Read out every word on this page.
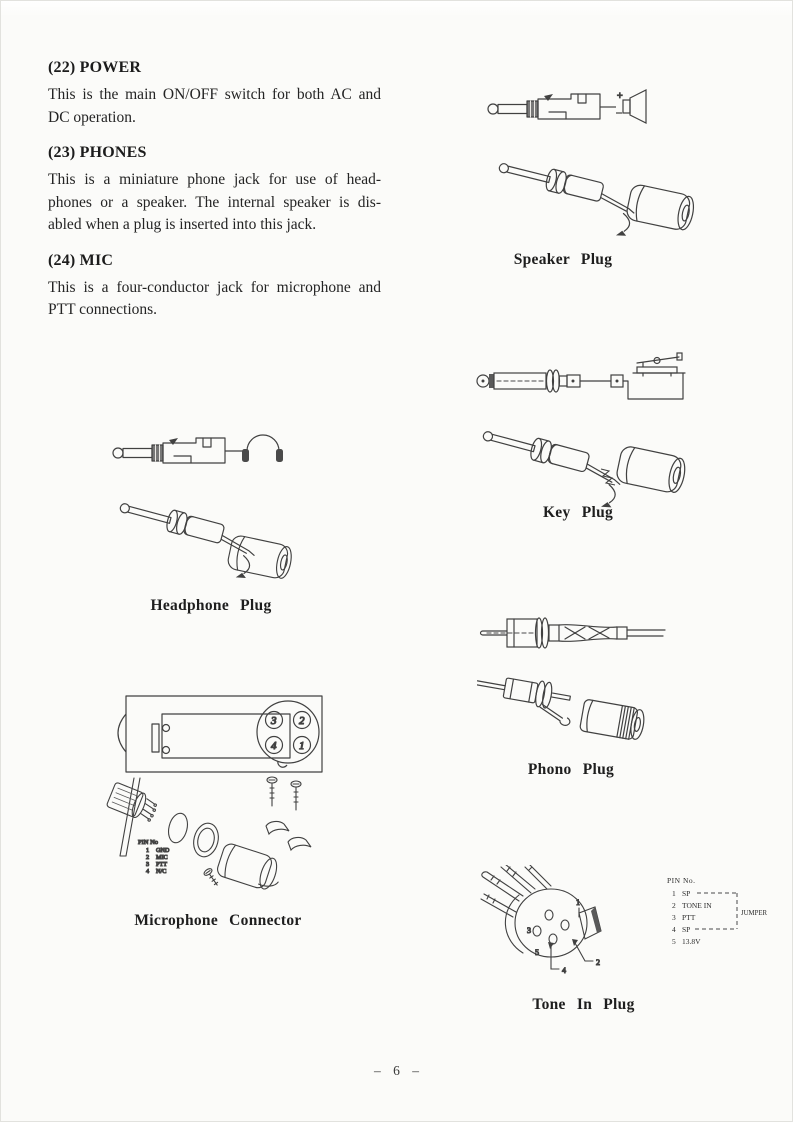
(22) POWER
This is the main ON/OFF switch for both AC and
DC operation.
(23) PHONES
This is a miniature phone jack for use of head-
phones or a speaker. The internal speaker is dis-
abled when a plug is inserted into this jack.
(24) MIC
This is a four-conductor jack for microphone and
PTT connections.
+
Speaker Plug
Key Plug
Headphone Plug
Phono Plug
3 2
4 1
PIN No
1 GND
2 MIC
3 PTT
4 N/C
Microphone Connector
1
2
3
4
5
PIN No.
1 SP
2 TONE IN
3 PTT
4 SP
5 13.8V
JUMPER
Tone In Plug
– 6 –
